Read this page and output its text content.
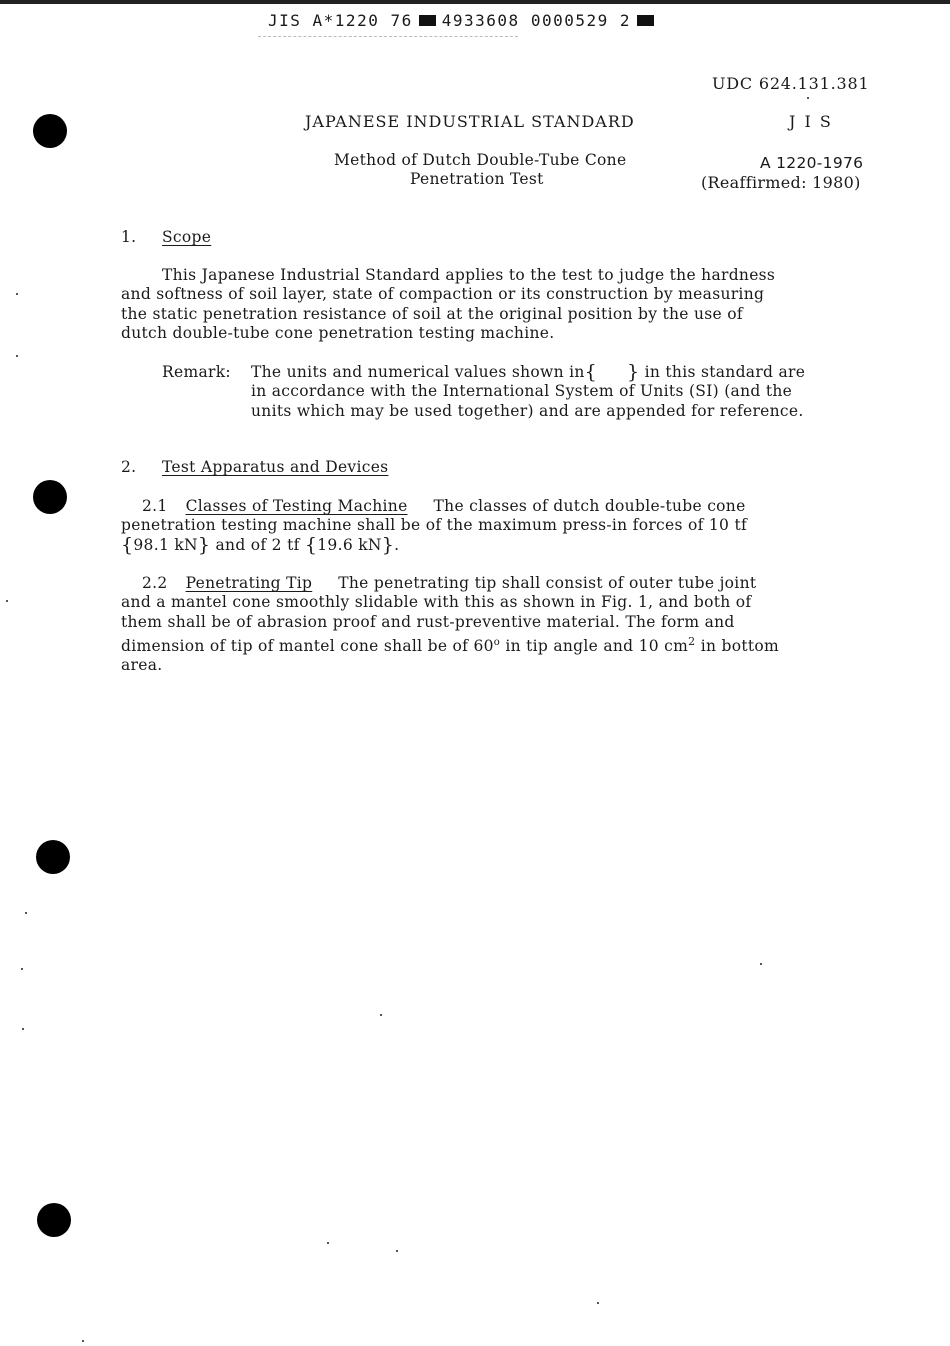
JIS A*1220 76 4933608 0000529 2
UDC 624.131.381
JAPANESE INDUSTRIAL STANDARD	J I S
Method of Dutch Double-Tube Cone
Penetration Test
A 1220-1976
(Reaffirmed: 1980)
1. Scope
This Japanese Industrial Standard applies to the test to judge the hardness
and softness of soil layer, state of compaction or its construction by measuring
the static penetration resistance of soil at the original position by the use of
dutch double-tube cone penetration testing machine.
Remark: The units and numerical values shown in{ } in this standard are
in accordance with the International System of Units (SI) (and the
units which may be used together) and are appended for reference.
2. Test Apparatus and Devices
2.1 Classes of Testing Machine The classes of dutch double-tube cone
penetration testing machine shall be of the maximum press-in forces of 10 tf
{98.1 kN} and of 2 tf {19.6 kN}.
2.2 Penetrating Tip The penetrating tip shall consist of outer tube joint
and a mantel cone smoothly slidable with this as shown in Fig. 1, and both of
them shall be of abrasion proof and rust-preventive material. The form and
dimension of tip of mantel cone shall be of 60$^o$ in tip angle and 10 $cm^2$ in bottom
area.
